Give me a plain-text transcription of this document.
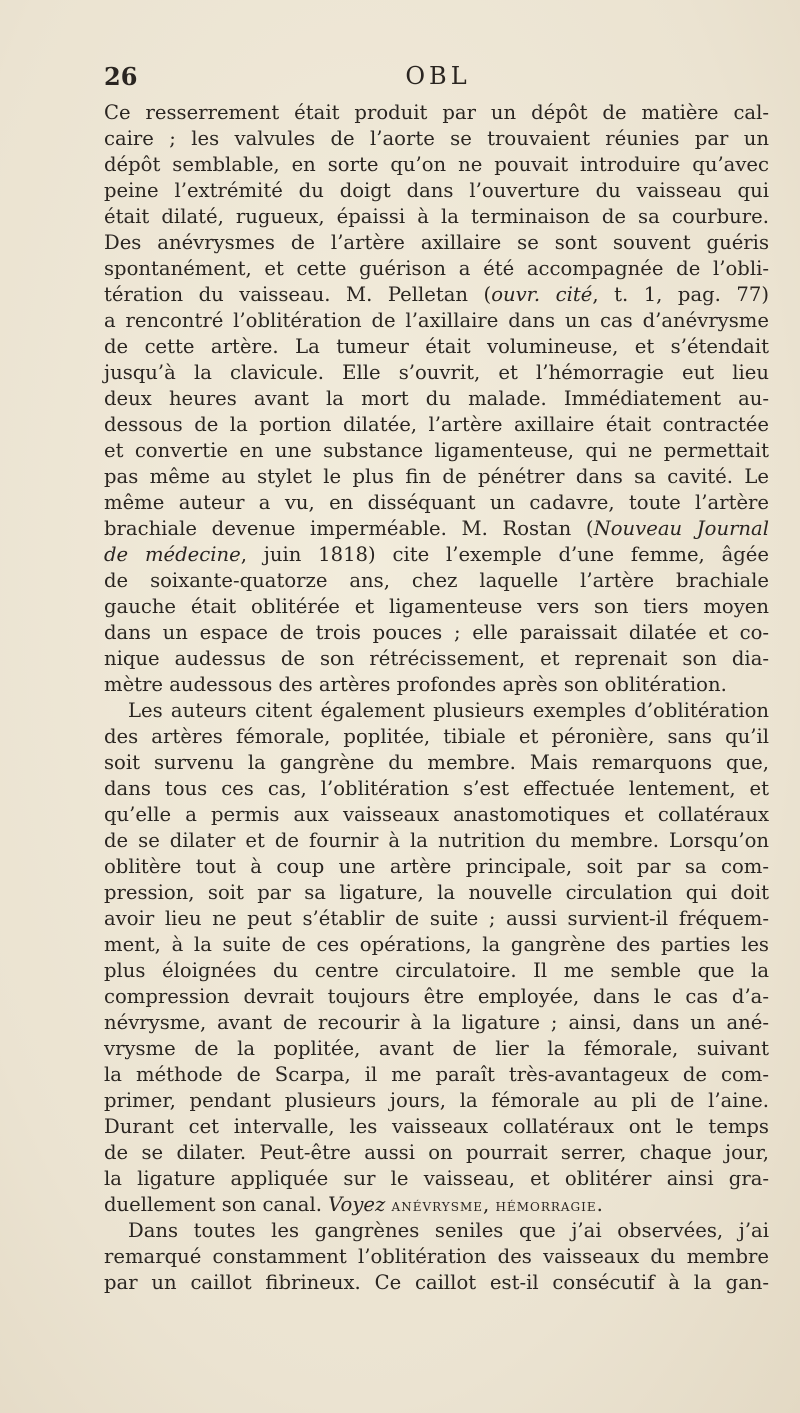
26	OBL
Ce resserrement était produit par un dépôt de matière cal-
caire ; les valvules de l’aorte se trouvaient réunies par un
dépôt semblable, en sorte qu’on ne pouvait introduire qu’avec
peine l’extrémité du doigt dans l’ouverture du vaisseau qui
était dilaté, rugueux, épaissi à la terminaison de sa courbure.
Des anévrysmes de l’artère axillaire se sont souvent guéris
spontanément, et cette guérison a été accompagnée de l’obli-
tération du vaisseau. M. Pelletan (ouvr. cité, t. 1, pag. 77)
a rencontré l’oblitération de l’axillaire dans un cas d’anévrysme
de cette artère. La tumeur était volumineuse, et s’étendait
jusqu’à la clavicule. Elle s’ouvrit, et l’hémorragie eut lieu
deux heures avant la mort du malade. Immédiatement au-
dessous de la portion dilatée, l’artère axillaire était contractée
et convertie en une substance ligamenteuse, qui ne permettait
pas même au stylet le plus fin de pénétrer dans sa cavité. Le
même auteur a vu, en disséquant un cadavre, toute l’artère
brachiale devenue imperméable. M. Rostan (Nouveau Journal
de médecine, juin 1818) cite l’exemple d’une femme, âgée
de soixante-quatorze ans, chez laquelle l’artère brachiale
gauche était oblitérée et ligamenteuse vers son tiers moyen
dans un espace de trois pouces ; elle paraissait dilatée et co-
nique audessus de son rétrécissement, et reprenait son dia-
mètre audessous des artères profondes après son oblitération.
Les auteurs citent également plusieurs exemples d’oblitération
des artères fémorale, poplitée, tibiale et péronière, sans qu’il
soit survenu la gangrène du membre. Mais remarquons que,
dans tous ces cas, l’oblitération s’est effectuée lentement, et
qu’elle a permis aux vaisseaux anastomotiques et collatéraux
de se dilater et de fournir à la nutrition du membre. Lorsqu’on
oblitère tout à coup une artère principale, soit par sa com-
pression, soit par sa ligature, la nouvelle circulation qui doit
avoir lieu ne peut s’établir de suite ; aussi survient-il fréquem-
ment, à la suite de ces opérations, la gangrène des parties les
plus éloignées du centre circulatoire. Il me semble que la
compression devrait toujours être employée, dans le cas d’a-
névrysme, avant de recourir à la ligature ; ainsi, dans un ané-
vrysme de la poplitée, avant de lier la fémorale, suivant
la méthode de Scarpa, il me paraît très-avantageux de com-
primer, pendant plusieurs jours, la fémorale au pli de l’aine.
Durant cet intervalle, les vaisseaux collatéraux ont le temps
de se dilater. Peut-être aussi on pourrait serrer, chaque jour,
la ligature appliquée sur le vaisseau, et oblitérer ainsi gra-
duellement son canal. Voyez anévrysme, hémorragie.
Dans toutes les gangrènes seniles que j’ai observées, j’ai
remarqué constamment l’oblitération des vaisseaux du membre
par un caillot fibrineux. Ce caillot est-il consécutif à la gan-
